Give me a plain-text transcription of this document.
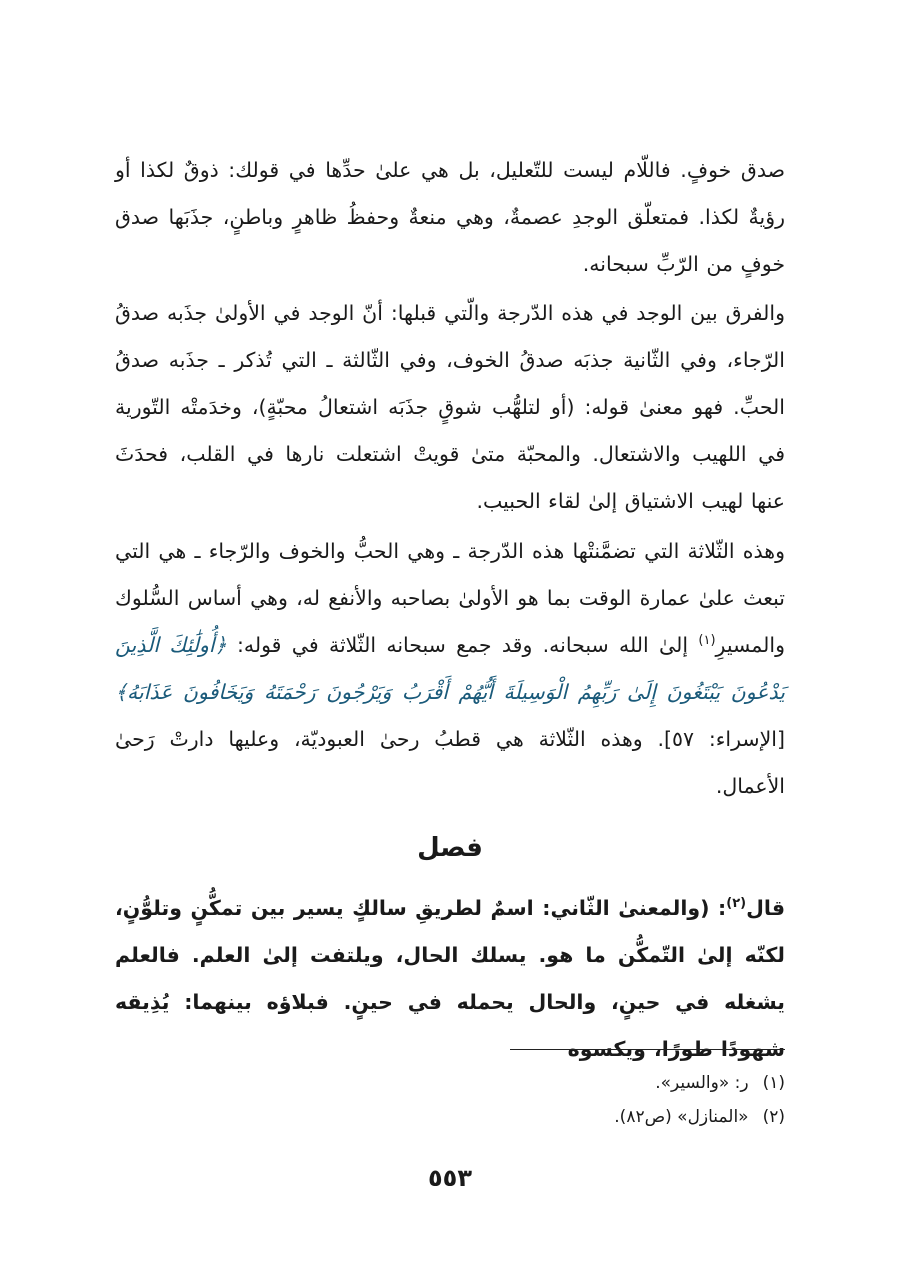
صدق خوفٍ. فاللّام ليست للتّعليل، بل هي علىٰ حدِّها في قولك: ذوقٌ لكذا أو رؤيةٌ لكذا. فمتعلّق الوجدِ عصمةٌ، وهي منعةٌ وحفظُ ظاهرٍ وباطنٍ، جذَبَها صدق خوفٍ من الرّبِّ سبحانه.

والفرق بين الوجد في هذه الدّرجة والّتي قبلها: أنّ الوجد في الأولىٰ جذَبه صدقُ الرّجاء، وفي الثّانية جذبَه صدقُ الخوف، وفي الثّالثة ـ التي تُذكر ـ جذَبه صدقُ الحبِّ. فهو معنىٰ قوله: (أو لتلهُّب شوقٍ جذَبَه اشتعالُ محبّةٍ)، وخدَمتْه التّورية في اللهيب والاشتعال. والمحبّة متىٰ قويتْ اشتعلت نارها في القلب، فحدَثَ عنها لهيب الاشتياق إلىٰ لقاء الحبيب.

وهذه الثّلاثة التي تضمَّنتْها هذه الدّرجة ـ وهي الحبُّ والخوف والرّجاء ـ هي التي تبعث علىٰ عمارة الوقت بما هو الأولىٰ بصاحبه والأنفع له، وهي أساس السُّلوك والمسيرِ$^{(١)}$ إلىٰ الله سبحانه. وقد جمع سبحانه الثّلاثة في قوله: ﴿أُولَٰئِكَ الَّذِينَ يَدْعُونَ يَبْتَغُونَ إِلَىٰ رَبِّهِمُ الْوَسِيلَةَ أَيُّهُمْ أَقْرَبُ وَيَرْجُونَ رَحْمَتَهُ وَيَخَافُونَ عَذَابَهُ﴾ [الإسراء: ٥٧]. وهذه الثّلاثة هي قطبُ رحىٰ العبوديّة، وعليها دارتْ رَحىٰ الأعمال.

فصل

قال$^{(٢)}$: (والمعنىٰ الثّاني: اسمٌ لطريقِ سالكٍ يسير بين تمكُّنٍ وتلوُّنٍ، لكنّه إلىٰ التّمكُّن ما هو. يسلك الحال، ويلتفت إلىٰ العلم. فالعلم يشغله في حينٍ، والحال يحمله في حينٍ. فبلاؤه بينهما: يُذِيقه شهودًا طورًا، ويكسوه

(١)ر: «والسير».
(٢)«المنازل» (ص٨٢).
٥٥٣
